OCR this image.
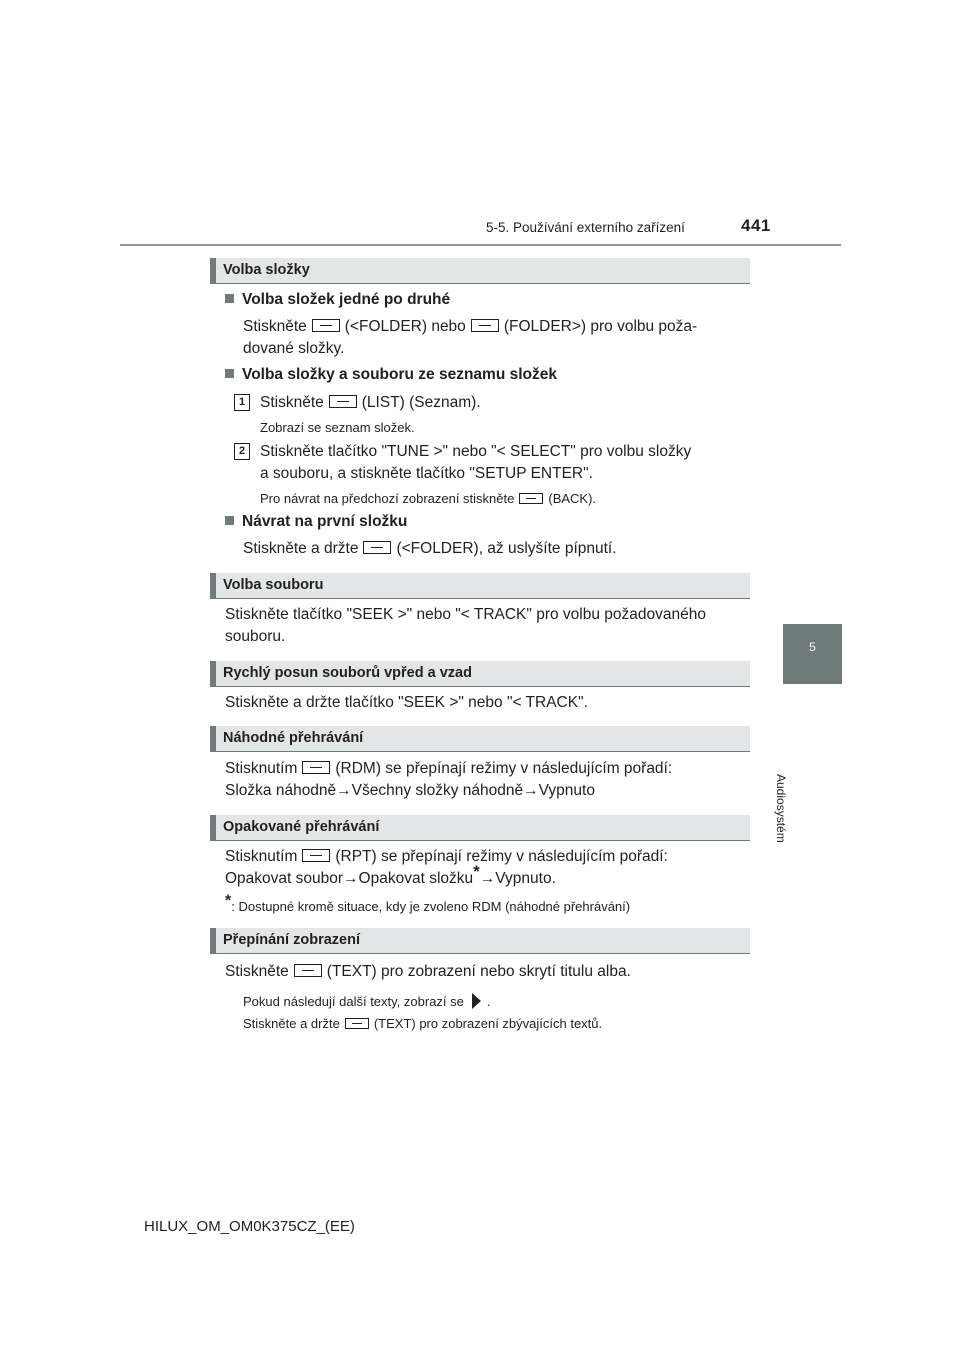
5-5. Používání externího zařízení	441
5
Audiosystém
Volba složky
Volba složek jedné po druhé
Stiskněte (<FOLDER) nebo (FOLDER>) pro volbu poža-
dované složky.
Volba složky a souboru ze seznamu složek
1 Stiskněte (LIST) (Seznam).
Zobrazí se seznam složek.
2 Stiskněte tlačítko "TUNE >" nebo "< SELECT" pro volbu složky
a souboru, a stiskněte tlačítko "SETUP ENTER".
Pro návrat na předchozí zobrazení stiskněte	(BACK).
Návrat na první složku
Stiskněte a držte (<FOLDER), až uslyšíte pípnutí.
Volba souboru
Stiskněte tlačítko "SEEK >" nebo "< TRACK" pro volbu požadovaného
souboru.
Rychlý posun souborů vpřed a vzad
Stiskněte a držte tlačítko "SEEK >" nebo "< TRACK".
Náhodné přehrávání
Stisknutím (RDM) se přepínají režimy v následujícím pořadí:
Složka náhodně→Všechny složky náhodně→Vypnuto
Opakované přehrávání
Stisknutím (RPT) se přepínají režimy v následujícím pořadí:
Opakovat soubor→Opakovat složku*→Vypnuto.
*: Dostupné kromě situace, kdy je zvoleno RDM (náhodné přehrávání)
Přepínání zobrazení
Stiskněte (TEXT) pro zobrazení nebo skrytí titulu alba.
Pokud následují další texty, zobrazí se .
Stiskněte a držte	(TEXT) pro zobrazení zbývajících textů.
HILUX_OM_OM0K375CZ_(EE)
